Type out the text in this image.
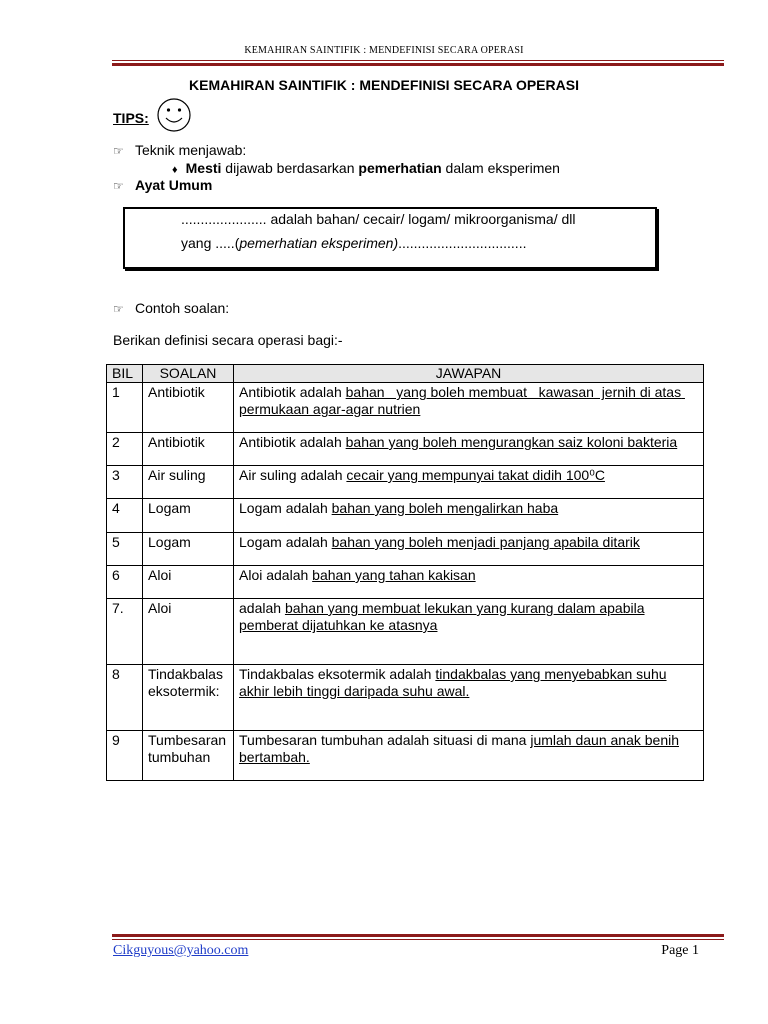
KEMAHIRAN SAINTIFIK : MENDEFINISI SECARA OPERASI
KEMAHIRAN SAINTIFIK : MENDEFINISI SECARA OPERASI
TIPS:
☞ Teknik menjawab:
♦ Mesti dijawab berdasarkan pemerhatian dalam eksperimen
☞ Ayat Umum
...................... adalah bahan/ cecair/ logam/ mikroorganisma/ dll
yang .....(pemerhatian eksperimen).................................
☞ Contoh soalan:
Berikan definisi secara operasi bagi:-
BIL	SOALAN	JAWAPAN
1	Antibiotik	Antibiotik adalah bahan   yang boleh membuat   kawasan  jernih di atas permukaan agar-agar nutrien
2	Antibiotik	Antibiotik adalah bahan yang boleh mengurangkan saiz koloni bakteria
3	Air suling	Air suling adalah cecair yang mempunyai takat didih 100⁰C
4	Logam	Logam adalah bahan yang boleh mengalirkan haba
5	Logam	Logam adalah bahan yang boleh menjadi panjang apabila ditarik
6	Aloi	Aloi adalah bahan yang tahan kakisan
7.	Aloi	adalah bahan yang membuat lekukan yang kurang dalam apabila pemberat dijatuhkan ke atasnya
8	Tindakbalas eksotermik:	Tindakbalas eksotermik adalah tindakbalas yang menyebabkan suhu akhir lebih tinggi daripada suhu awal.
9	Tumbesaran tumbuhan	Tumbesaran tumbuhan adalah situasi di mana jumlah daun anak benih bertambah.
Cikguyous@yahoo.com	Page 1
